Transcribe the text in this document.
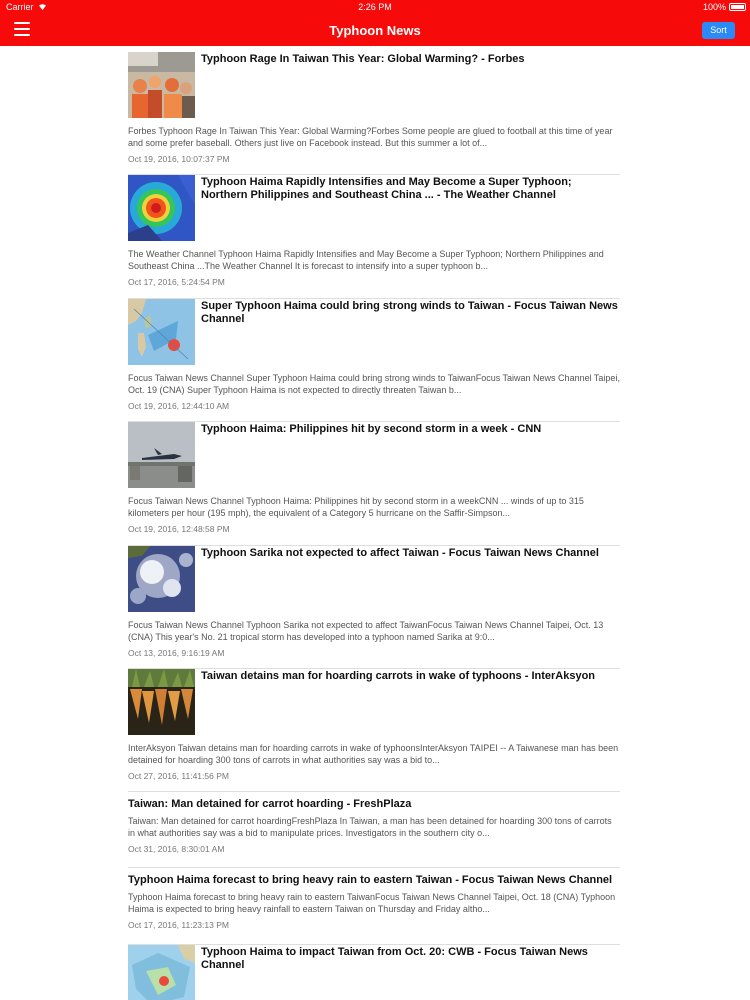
Carrier	2:26 PM	100%
Typhoon News	Sort
Typhoon Rage In Taiwan This Year: Global Warming? - Forbes

Forbes Typhoon Rage In Taiwan This Year: Global Warming?Forbes Some people are glued to football at this time of year and some prefer baseball. Others just live on Facebook instead. But this summer a lot of...

Oct 19, 2016, 10:07:37 PM
Typhoon Haima Rapidly Intensifies and May Become a Super Typhoon; Northern Philippines and Southeast China ... - The Weather Channel

The Weather Channel Typhoon Haima Rapidly Intensifies and May Become a Super Typhoon; Northern Philippines and Southeast China ...The Weather Channel It is forecast to intensify into a super typhoon b...

Oct 17, 2016, 5:24:54 PM
Super Typhoon Haima could bring strong winds to Taiwan - Focus Taiwan News Channel

Focus Taiwan News Channel Super Typhoon Haima could bring strong winds to TaiwanFocus Taiwan News Channel Taipei, Oct. 19 (CNA) Super Typhoon Haima is not expected to directly threaten Taiwan b...

Oct 19, 2016, 12:44:10 AM
Typhoon Haima: Philippines hit by second storm in a week - CNN

Focus Taiwan News Channel Typhoon Haima: Philippines hit by second storm in a weekCNN ... winds of up to 315 kilometers per hour (195 mph), the equivalent of a Category 5 hurricane on the Saffir-Simpson...

Oct 19, 2016, 12:48:58 PM
Typhoon Sarika not expected to affect Taiwan - Focus Taiwan News Channel

Focus Taiwan News Channel Typhoon Sarika not expected to affect TaiwanFocus Taiwan News Channel Taipei, Oct. 13 (CNA) This year's No. 21 tropical storm has developed into a typhoon named Sarika at 9:0...

Oct 13, 2016, 9:16:19 AM
Taiwan detains man for hoarding carrots in wake of typhoons - InterAksyon

InterAksyon Taiwan detains man for hoarding carrots in wake of typhoonsInterAksyon TAIPEI -- A Taiwanese man has been detained for hoarding 300 tons of carrots in what authorities say was a bid to...

Oct 27, 2016, 11:41:56 PM
Taiwan: Man detained for carrot hoarding - FreshPlaza

Taiwan: Man detained for carrot hoardingFreshPlaza In Taiwan, a man has been detained for hoarding 300 tons of carrots in what authorities say was a bid to manipulate prices. Investigators in the southern city o...

Oct 31, 2016, 8:30:01 AM
Typhoon Haima forecast to bring heavy rain to eastern Taiwan - Focus Taiwan News Channel

Typhoon Haima forecast to bring heavy rain to eastern TaiwanFocus Taiwan News Channel Taipei, Oct. 18 (CNA) Typhoon Haima is expected to bring heavy rainfall to eastern Taiwan on Thursday and Friday altho...

Oct 17, 2016, 11:23:13 PM
Typhoon Haima to impact Taiwan from Oct. 20: CWB - Focus Taiwan News Channel
